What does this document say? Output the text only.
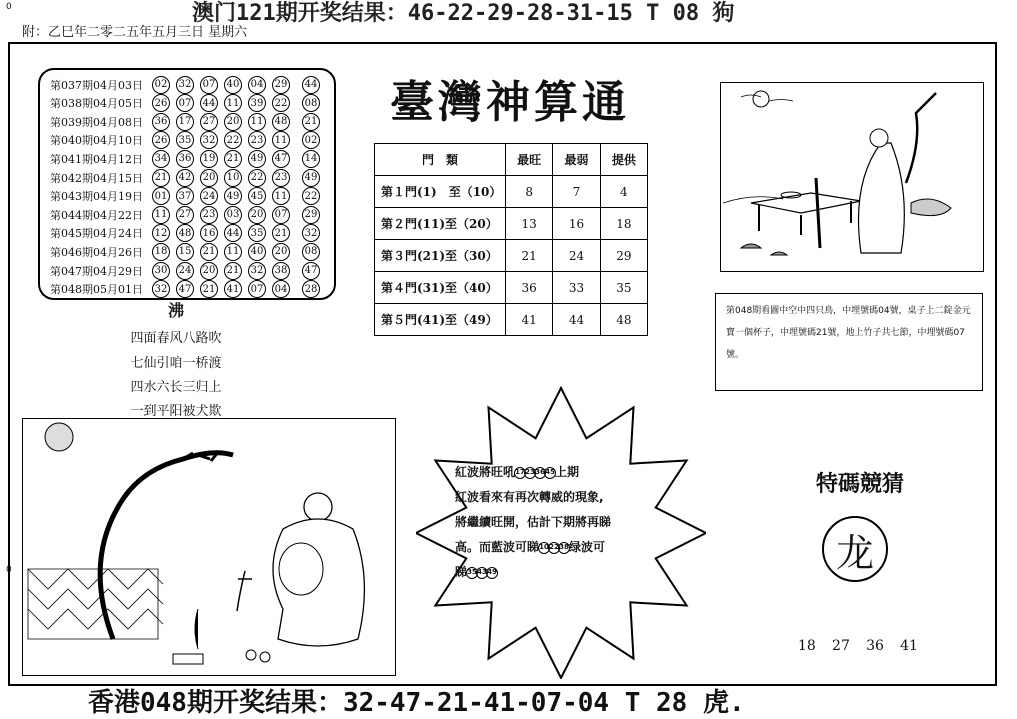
0	澳门121期开奖结果：46-22-29-28-31-15 T 08 狗
附：乙巳年二零二五年五月三日 星期六
0
第037期04月03日	02 32 07 40 04 29 44
第038期04月05日	26 07 44 11 39 22 08
第039期04月08日	36 17 27 20 11 48 21
第040期04月10日	26 35 32 22 23 11 02
第041期04月12日	34 36 19 21 49 47 14
第042期04月15日	21 42 20 10 22 23 49
第043期04月19日	01 37 24 49 45 11 22
第044期04月22日	11 27 23 03 20 07 29
第045期04月24日	12 48 16 44 35 21 32
第046期04月26日	18 15 21 11 40 20 08
第047期04月29日	30 24 20 21 32 38 47
第048期05月01日	32 47 21 41 07 04 28
沸
四面春风八路吹
七仙引咱一桥渡
四水六长三归上
一到平阳被犬欺
臺灣神算通
門　類	最旺	最弱	提供
第１門(1)　至（10）	8	7	4
第２門(11)至（20）	13	16	18
第３門(21)至（30）	21	24	29
第４門(31)至（40）	36	33	35
第５門(41)至（49）	41	44	48
第048期看圖中空中四只鳥，中埋號碼04號，桌子上二錠金元寶一個杯子，中埋號碼21號，地上竹子共七節，中埋號碼07號。
紅波將旺吼17233645上期
紅波看來有再次轉威的現象,
將繼續旺開，估計下期將再睇
高。而藍波可睇102238绿波可
睇354349
特碼競猜
龙
18 27 36 41
香港048期开奖结果：32-47-21-41-07-04 T 28 虎.
